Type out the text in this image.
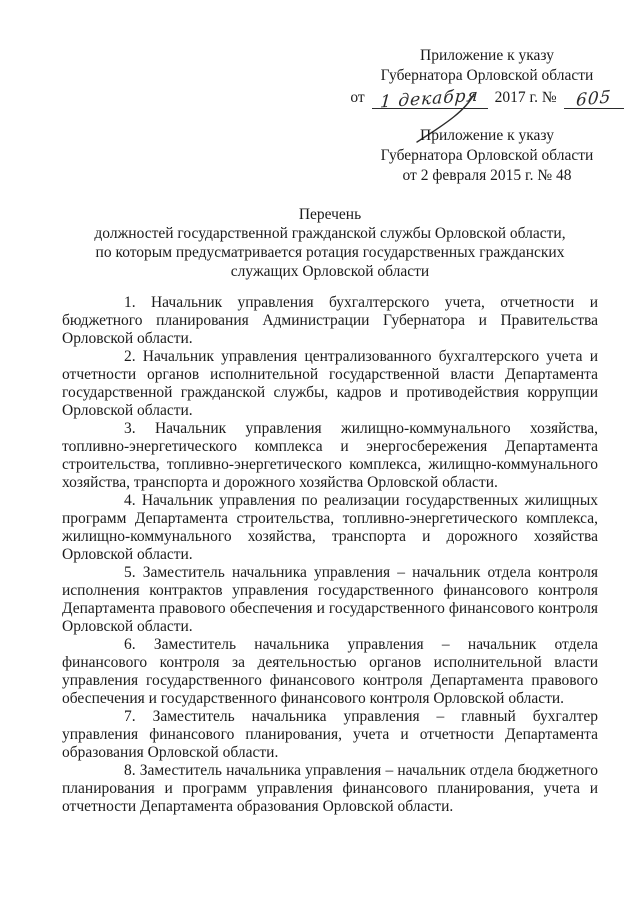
Приложение к указу
Губернатора Орловской области
от 1 декабря 2017 г. №	605
Приложение к указу
Губернатора Орловской области
от 2 февраля 2015 г. № 48
Перечень
должностей государственной гражданской службы Орловской области,
по которым предусматривается ротация государственных гражданских
служащих Орловской области

1. Начальник управления бухгалтерского учета, отчетности и бюджетного планирования Администрации Губернатора и Правительства Орловской области.

2. Начальник управления централизованного бухгалтерского учета и отчетности органов исполнительной государственной власти Департамента государственной гражданской службы, кадров и противодействия коррупции Орловской области.

3. Начальник управления жилищно-коммунального хозяйства, топливно-энергетического комплекса и энергосбережения Департамента строительства, топливно-энергетического комплекса, жилищно-коммунального хозяйства, транспорта и дорожного хозяйства Орловской области.

4. Начальник управления по реализации государственных жилищных программ Департамента строительства, топливно-энергетического комплекса, жилищно-коммунального хозяйства, транспорта и дорожного хозяйства Орловской области.

5. Заместитель начальника управления – начальник отдела контроля исполнения контрактов управления государственного финансового контроля Департамента правового обеспечения и государственного финансового контроля Орловской области.

6. Заместитель начальника управления – начальник отдела финансового контроля за деятельностью органов исполнительной власти управления государственного финансового контроля Департамента правового обеспечения и государственного финансового контроля Орловской области.

7. Заместитель начальника управления – главный бухгалтер управления финансового планирования, учета и отчетности Департамента образования Орловской области.

8. Заместитель начальника управления – начальник отдела бюджетного планирования и программ управления финансового планирования, учета и отчетности Департамента образования Орловской области.
